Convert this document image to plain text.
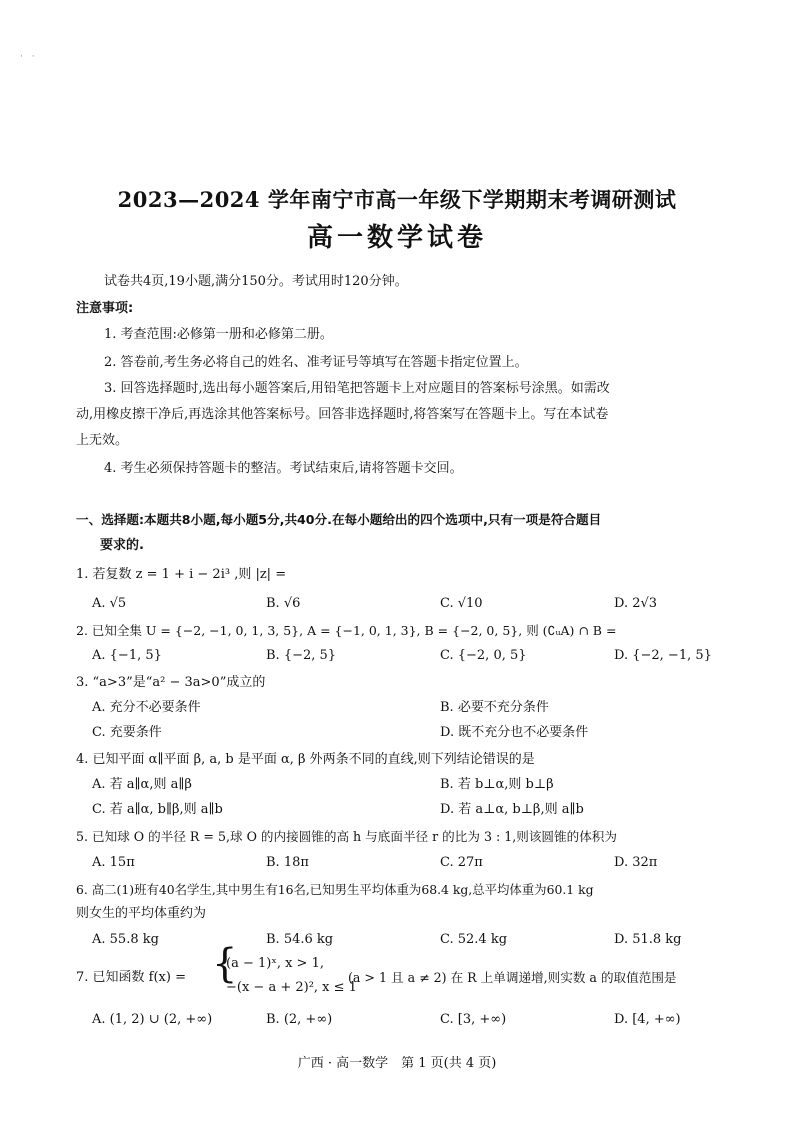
· ·
2023—2024 学年南宁市高一年级下学期期末考调研测试
高一数学试卷
试卷共4页,19小题,满分150分。考试用时120分钟。
注意事项:
1. 考查范围:必修第一册和必修第二册。
2. 答卷前,考生务必将自己的姓名、准考证号等填写在答题卡指定位置上。
3. 回答选择题时,选出每小题答案后,用铅笔把答题卡上对应题目的答案标号涂黑。如需改
动,用橡皮擦干净后,再选涂其他答案标号。回答非选择题时,将答案写在答题卡上。写在本试卷
上无效。
4. 考生必须保持答题卡的整洁。考试结束后,请将答题卡交回。
一、选择题:本题共8小题,每小题5分,共40分.在每小题给出的四个选项中,只有一项是符合题目
要求的.
1. 若复数 z = 1 + i − 2i³ ,则 |z| =
A. √5	B. √6	C. √10	D. 2√3
2. 已知全集 U = {−2, −1, 0, 1, 3, 5}, A = {−1, 0, 1, 3}, B = {−2, 0, 5}, 则 (∁ᵤA) ∩ B =
A. {−1, 5}	B. {−2, 5}	C. {−2, 0, 5}	D. {−2, −1, 5}
3. “a>3”是“a² − 3a>0”成立的
A. 充分不必要条件	B. 必要不充分条件
C. 充要条件	D. 既不充分也不必要条件
4. 已知平面 α∥平面 β, a, b 是平面 α, β 外两条不同的直线,则下列结论错误的是
A. 若 a∥α,则 a∥β	B. 若 b⊥α,则 b⊥β
C. 若 a∥α, b∥β,则 a∥b	D. 若 a⊥α, b⊥β,则 a∥b
5. 已知球 O 的半径 R = 5,球 O 的内接圆锥的高 h 与底面半径 r 的比为 3 : 1,则该圆锥的体积为
A. 15π	B. 18π	C. 27π	D. 32π
6. 高二(1)班有40名学生,其中男生有16名,已知男生平均体重为68.4 kg,总平均体重为60.1 kg
则女生的平均体重约为
A. 55.8 kg	B. 54.6 kg	C. 52.4 kg	D. 51.8 kg
7. 已知函数 f(x) = {
(a − 1)ˣ, x > 1,
−(x − a + 2)², x ≤ 1
(a > 1 且 a ≠ 2) 在 R 上单调递增,则实数 a 的取值范围是
A. (1, 2) ∪ (2, +∞)	B. (2, +∞)	C. [3, +∞)	D. [4, +∞)
广西 · 高一数学　第 1 页(共 4 页)
